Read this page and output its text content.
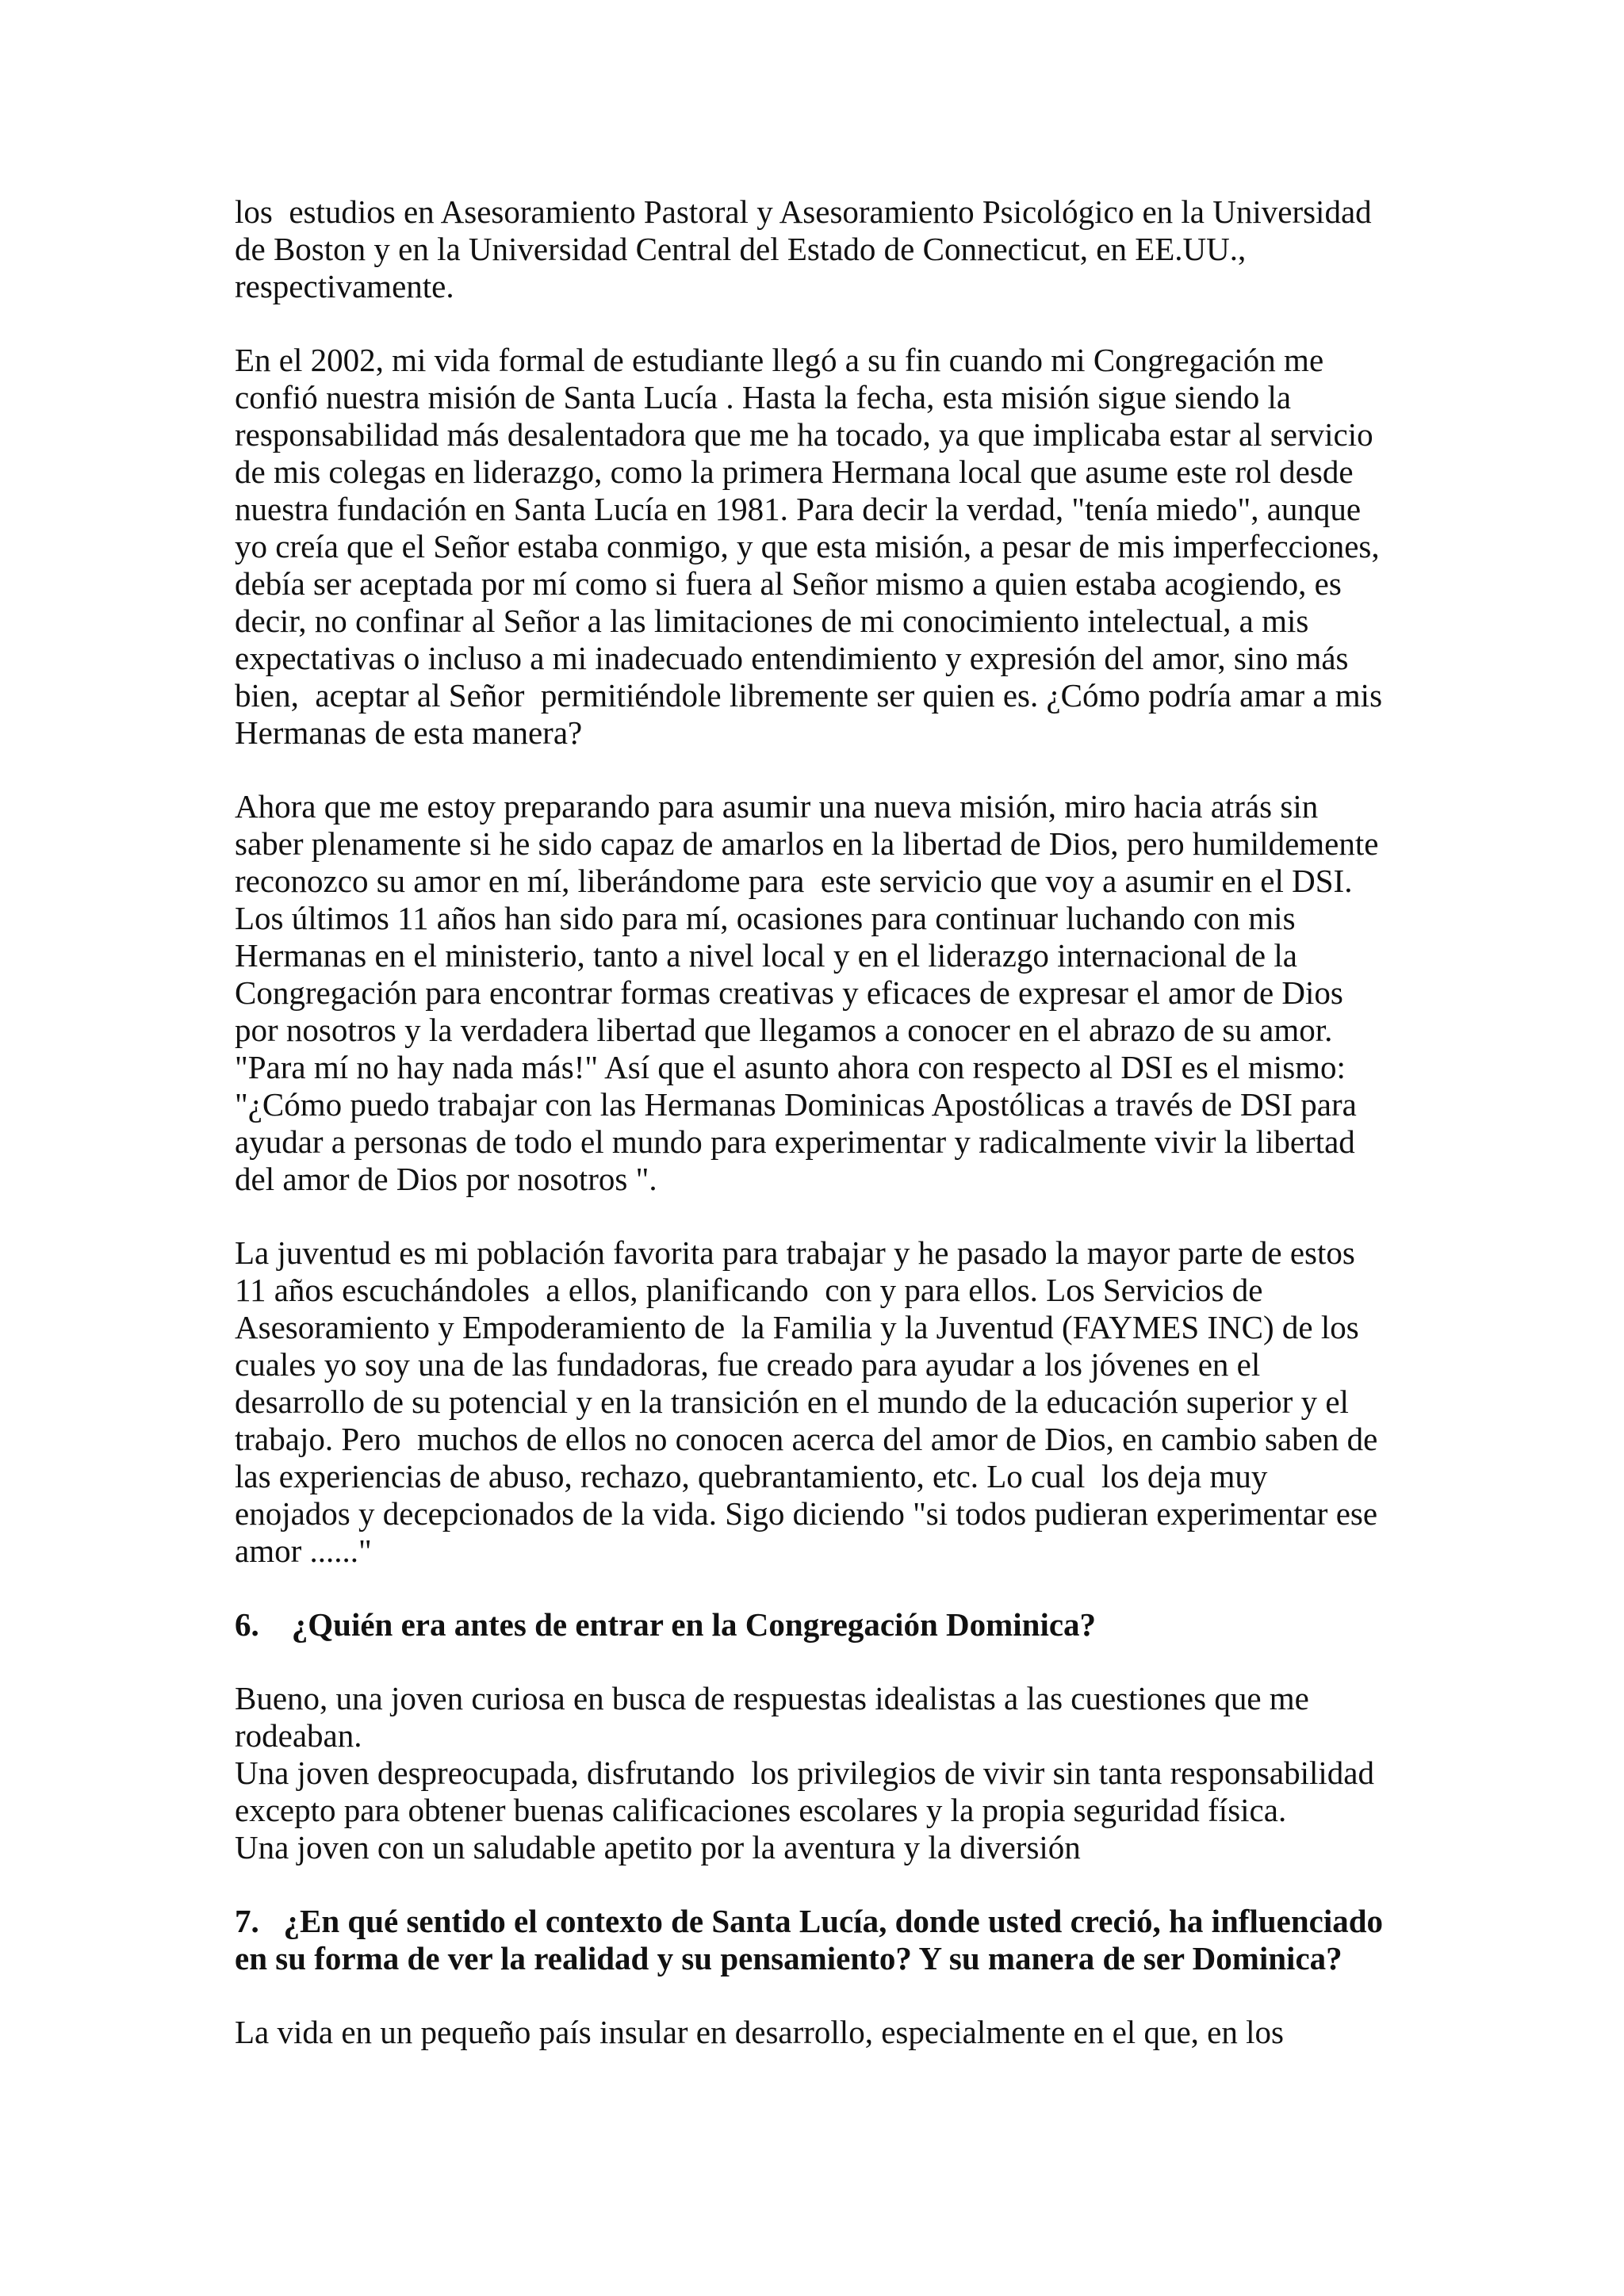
los  estudios en Asesoramiento Pastoral y Asesoramiento Psicológico en la Universidad
de Boston y en la Universidad Central del Estado de Connecticut, en EE.UU.,
respectivamente.
En el 2002, mi vida formal de estudiante llegó a su fin cuando mi Congregación me
confió nuestra misión de Santa Lucía . Hasta la fecha, esta misión sigue siendo la
responsabilidad más desalentadora que me ha tocado, ya que implicaba estar al servicio
de mis colegas en liderazgo, como la primera Hermana local que asume este rol desde
nuestra fundación en Santa Lucía en 1981. Para decir la verdad, "tenía miedo", aunque
yo creía que el Señor estaba conmigo, y que esta misión, a pesar de mis imperfecciones,
debía ser aceptada por mí como si fuera al Señor mismo a quien estaba acogiendo, es
decir, no confinar al Señor a las limitaciones de mi conocimiento intelectual, a mis
expectativas o incluso a mi inadecuado entendimiento y expresión del amor, sino más
bien,  aceptar al Señor  permitiéndole libremente ser quien es. ¿Cómo podría amar a mis
Hermanas de esta manera?
Ahora que me estoy preparando para asumir una nueva misión, miro hacia atrás sin
saber plenamente si he sido capaz de amarlos en la libertad de Dios, pero humildemente
reconozco su amor en mí, liberándome para  este servicio que voy a asumir en el DSI.
Los últimos 11 años han sido para mí, ocasiones para continuar luchando con mis
Hermanas en el ministerio, tanto a nivel local y en el liderazgo internacional de la
Congregación para encontrar formas creativas y eficaces de expresar el amor de Dios
por nosotros y la verdadera libertad que llegamos a conocer en el abrazo de su amor.
"Para mí no hay nada más!" Así que el asunto ahora con respecto al DSI es el mismo:
"¿Cómo puedo trabajar con las Hermanas Dominicas Apostólicas a través de DSI para
ayudar a personas de todo el mundo para experimentar y radicalmente vivir la libertad
del amor de Dios por nosotros ".
La juventud es mi población favorita para trabajar y he pasado la mayor parte de estos
11 años escuchándoles  a ellos, planificando  con y para ellos. Los Servicios de
Asesoramiento y Empoderamiento de  la Familia y la Juventud (FAYMES INC) de los
cuales yo soy una de las fundadoras, fue creado para ayudar a los jóvenes en el
desarrollo de su potencial y en la transición en el mundo de la educación superior y el
trabajo. Pero  muchos de ellos no conocen acerca del amor de Dios, en cambio saben de
las experiencias de abuso, rechazo, quebrantamiento, etc. Lo cual  los deja muy
enojados y decepcionados de la vida. Sigo diciendo "si todos pudieran experimentar ese
amor ......"
6.    ¿Quién era antes de entrar en la Congregación Dominica?
Bueno, una joven curiosa en busca de respuestas idealistas a las cuestiones que me
rodeaban.
Una joven despreocupada, disfrutando  los privilegios de vivir sin tanta responsabilidad
excepto para obtener buenas calificaciones escolares y la propia seguridad física.
Una joven con un saludable apetito por la aventura y la diversión
7.   ¿En qué sentido el contexto de Santa Lucía, donde usted creció, ha influenciado
en su forma de ver la realidad y su pensamiento? Y su manera de ser Dominica?
La vida en un pequeño país insular en desarrollo, especialmente en el que, en los
